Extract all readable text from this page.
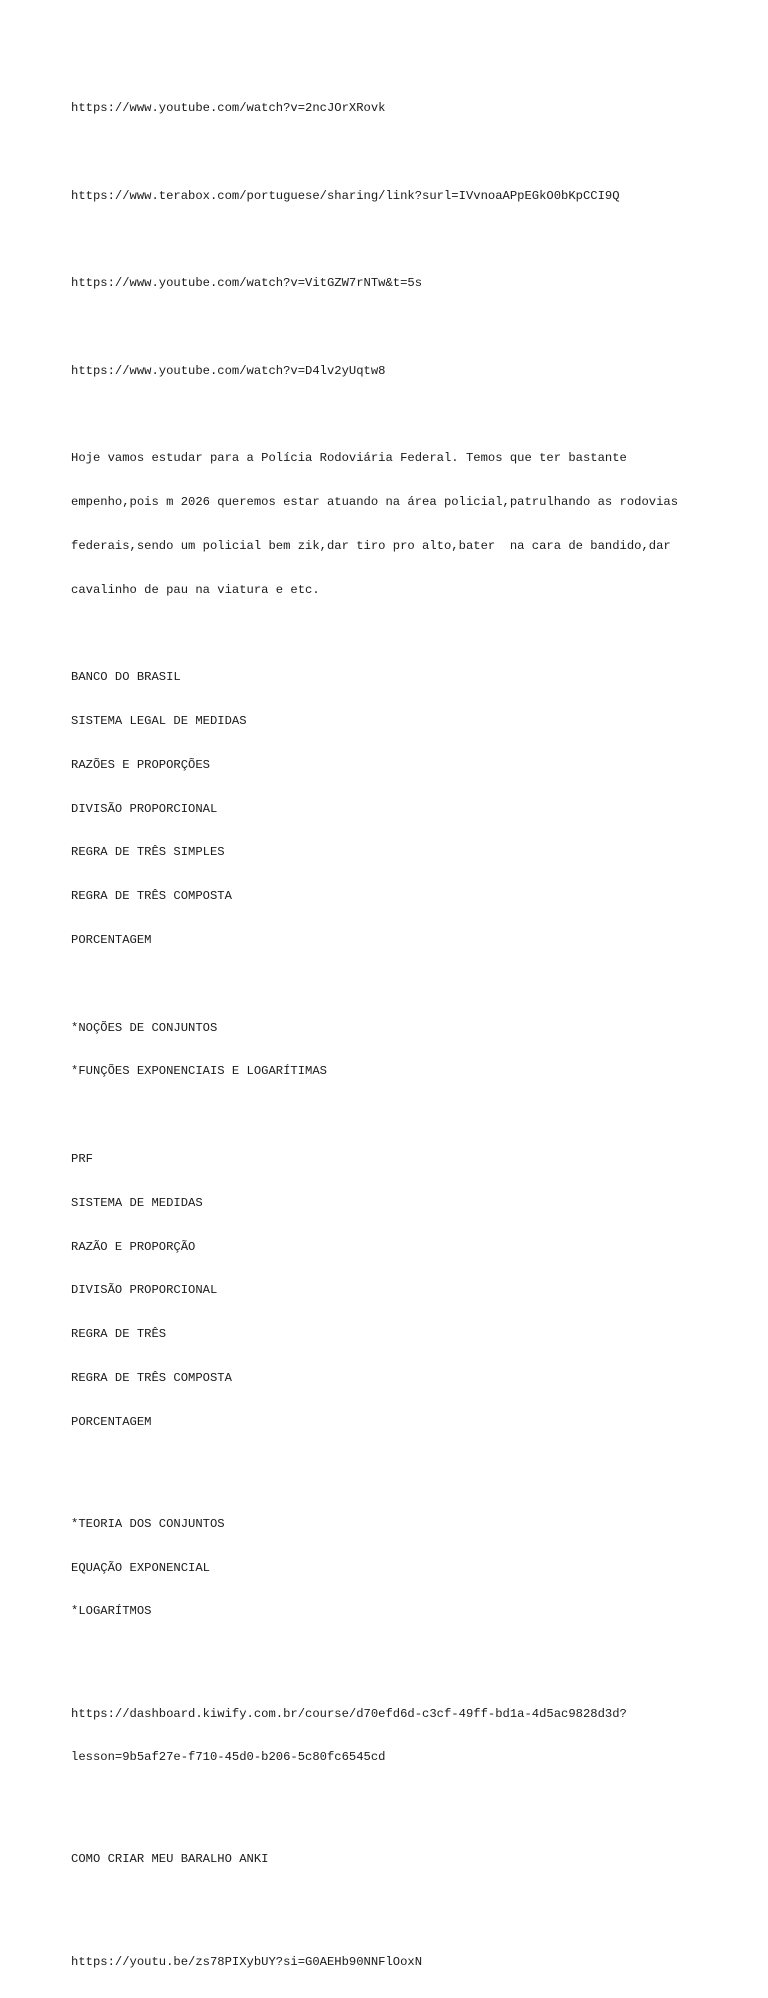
https://www.youtube.com/watch?v=2ncJOrXRovk

https://www.terabox.com/portuguese/sharing/link?surl=IVvnoaAPpEGkO0bKpCCI9Q

https://www.youtube.com/watch?v=VitGZW7rNTw&t=5s

https://www.youtube.com/watch?v=D4lv2yUqtw8

Hoje vamos estudar para a Polícia Rodoviária Federal. Temos que ter bastante

empenho,pois m 2026 queremos estar atuando na área policial,patrulhando as rodovias

federais,sendo um policial bem zik,dar tiro pro alto,bater  na cara de bandido,dar

cavalinho de pau na viatura e etc.

BANCO DO BRASIL

SISTEMA LEGAL DE MEDIDAS

RAZÕES E PROPORÇÕES

DIVISÃO PROPORCIONAL

REGRA DE TRÊS SIMPLES

REGRA DE TRÊS COMPOSTA

PORCENTAGEM

*NOÇÕES DE CONJUNTOS

*FUNÇÕES EXPONENCIAIS E LOGARÍTIMAS

PRF

SISTEMA DE MEDIDAS

RAZÃO E PROPORÇÃO

DIVISÃO PROPORCIONAL

REGRA DE TRÊS

REGRA DE TRÊS COMPOSTA

PORCENTAGEM

*TEORIA DOS CONJUNTOS

EQUAÇÃO EXPONENCIAL

*LOGARÍTMOS

https://dashboard.kiwify.com.br/course/d70efd6d-c3cf-49ff-bd1a-4d5ac9828d3d?

lesson=9b5af27e-f710-45d0-b206-5c80fc6545cd

COMO CRIAR MEU BARALHO ANKI

https://youtu.be/zs78PIXybUY?si=G0AEHb90NNFlOoxN
